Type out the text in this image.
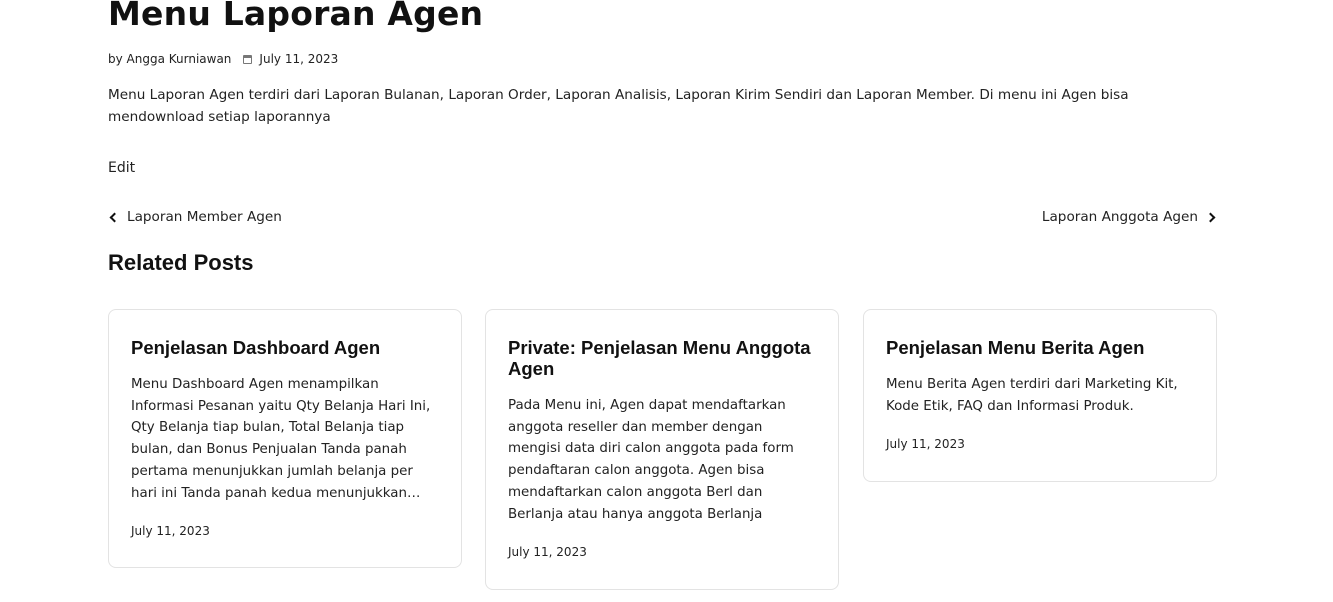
Menu Laporan Agen
by Angga Kurniawan July 11, 2023

Menu Laporan Agen terdiri dari Laporan Bulanan, Laporan Order, Laporan Analisis, Laporan Kirim Sendiri dan Laporan Member. Di menu ini Agen bisa mendownload setiap laporannya

Edit
Laporan Member Agen	Laporan Anggota Agen
Related Posts
Penjelasan Dashboard Agen

Menu Dashboard Agen menampilkan Informasi Pesanan yaitu Qty Belanja Hari Ini, Qty Belanja tiap bulan, Total Belanja tiap bulan, dan Bonus Penjualan Tanda panah pertama menunjukkan jumlah belanja per hari ini Tanda panah kedua menunjukkan…

July 11, 2023
Private: Penjelasan Menu Anggota Agen

Pada Menu ini, Agen dapat mendaftarkan anggota reseller dan member dengan mengisi data diri calon anggota pada form pendaftaran calon anggota. Agen bisa mendaftarkan calon anggota Berl dan Berlanja atau hanya anggota Berlanja

July 11, 2023
Penjelasan Menu Berita Agen

Menu Berita Agen terdiri dari Marketing Kit, Kode Etik, FAQ dan Informasi Produk.

July 11, 2023
